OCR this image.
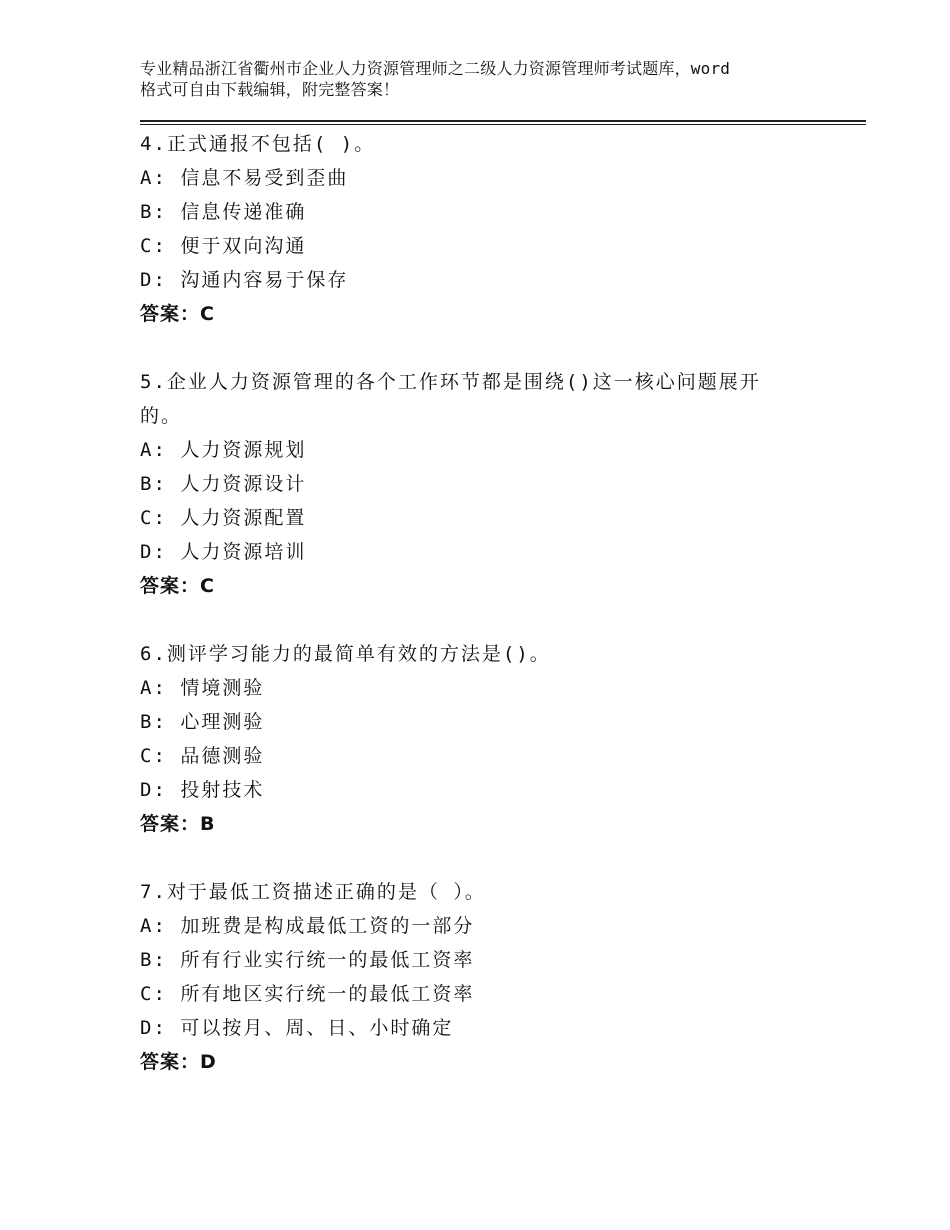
专业精品浙江省衢州市企业人力资源管理师之二级人力资源管理师考试题库，word
格式可自由下载编辑，附完整答案！
4.正式通报不包括( )。
A: 信息不易受到歪曲
B: 信息传递准确
C: 便于双向沟通
D: 沟通内容易于保存
答案：C
5.企业人力资源管理的各个工作环节都是围绕()这一核心问题展开的。
A: 人力资源规划
B: 人力资源设计
C: 人力资源配置
D: 人力资源培训
答案：C
6.测评学习能力的最简单有效的方法是()。
A: 情境测验
B: 心理测验
C: 品德测验
D: 投射技术
答案：B
7.对于最低工资描述正确的是（ ）。
A: 加班费是构成最低工资的一部分
B: 所有行业实行统一的最低工资率
C: 所有地区实行统一的最低工资率
D: 可以按月、周、日、小时确定
答案：D
